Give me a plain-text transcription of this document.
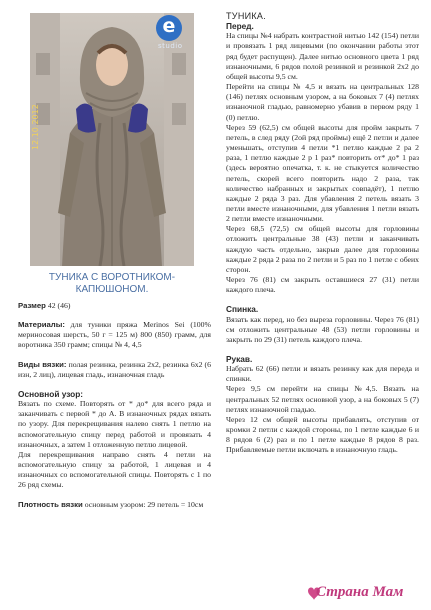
e
studio
12.10.2012
ТУНИКА С ВОРОТНИКОМ-КАПЮШОНОМ.

Размер 42 (46)

Материалы: для туники пряжа Merinos Sei (100% мериносовая шерсть, 50 г = 125 м) 800 (850) грамм, для воротника 350 грамм; спицы № 4, 4,5

Виды вязки: полая резинка, резинка 2х2, резинка 6х2 (6 изн, 2 лиц), лицевая гладь, изнаночная гладь

Основной узор:

Вязать по схеме. Повторять от * до* для всего ряда и заканчивать с первой * до А. В изнаночных рядах вязать по узору. Для перекрещивания налево снять 1 петлю на вспомогательную спицу перед работой и провязать 4 изнаночных, а затем 1 отложенную петлю лицевой.

Для перекрещивания направо снять 4 петли на вспомогательную спицу за работой, 1 лицевая и 4 изнаночных со вспомогательной спицы. Повторять с 1 по 26 ряд схемы.

Плотность вязки основным узором: 29 петель = 10см

ТУНИКА.

Перед.

На спицы №4 набрать контрастной нитью 142 (154) петли и провязать 1 ряд лицевыми (по окончании работы этот ряд будет распущен). Далее нитью основного цвета 1 ряд изнаночными, 6 рядов полой резинкой и резинкой 2х2 до общей высоты 9,5 см.

Перейти на спицы № 4,5 и вязать на центральных 128 (146) петлях основным узором, а на боковых 7 (4) петлях изнаночной гладью, равномерно убавив в первом ряду 1 (0) петлю.

Через 59 (62,5) см общей высоты для пройм закрыть 7 петель, в след ряду (2ой ряд проймы) ещё 2 петли и далее уменьшать, отступив 4 петли *1 петлю каждые 2 ра 2 раза, 1 петлю каждые 2 р 1 раз* повторить от* до* 1 раз (здесь вероятно опечатка, т. к. не стыкуется количество петель, скорей всего повторить надо 2 раза, так количество набранных и закрытых совпадёт), 1 петлю каждые 2 ряда 3 раз. Для убавления 2 петель вязать 3 петли вместе изнаночными, для убавления 1 петли вязать 2 петли вместе изнаночными.

Через 68,5 (72,5) см общей высоты для горловины отложить центральные 38 (43) петли и заканчивать каждую часть отдельно, закрыв далее для горловины каждые 2 ряда 2 раза по 2 петли и 5 раз по 1 петле с обеих сторон.

Через 76 (81) см закрыть оставшиеся 27 (31) петли каждого плеча.

Спинка.

Вязать как перед, но без выреза горловины. Через 76 (81) см отложить центральные 48 (53) петли горловины и закрыть по 29 (31) петель каждого плеча.

Рукав.

Набрать 62 (66) петли и вязать резинку как для переда и спинки.

Через 9,5 см перейти на спицы №4,5. Вязать на центральных 52 петлях основной узор, а на боковых 5 (7) петлях изнаночной гладью.

Через 12 см общей высоты прибавлять, отступив от кромки 2 петли с каждой стороны, по 1 петле каждые 6 и 8 рядов 6 (2) раз и по 1 петле каждые 8 рядов 8 раз. Прибавляемые петли включать в изнаночную гладь.

Страна Мам
